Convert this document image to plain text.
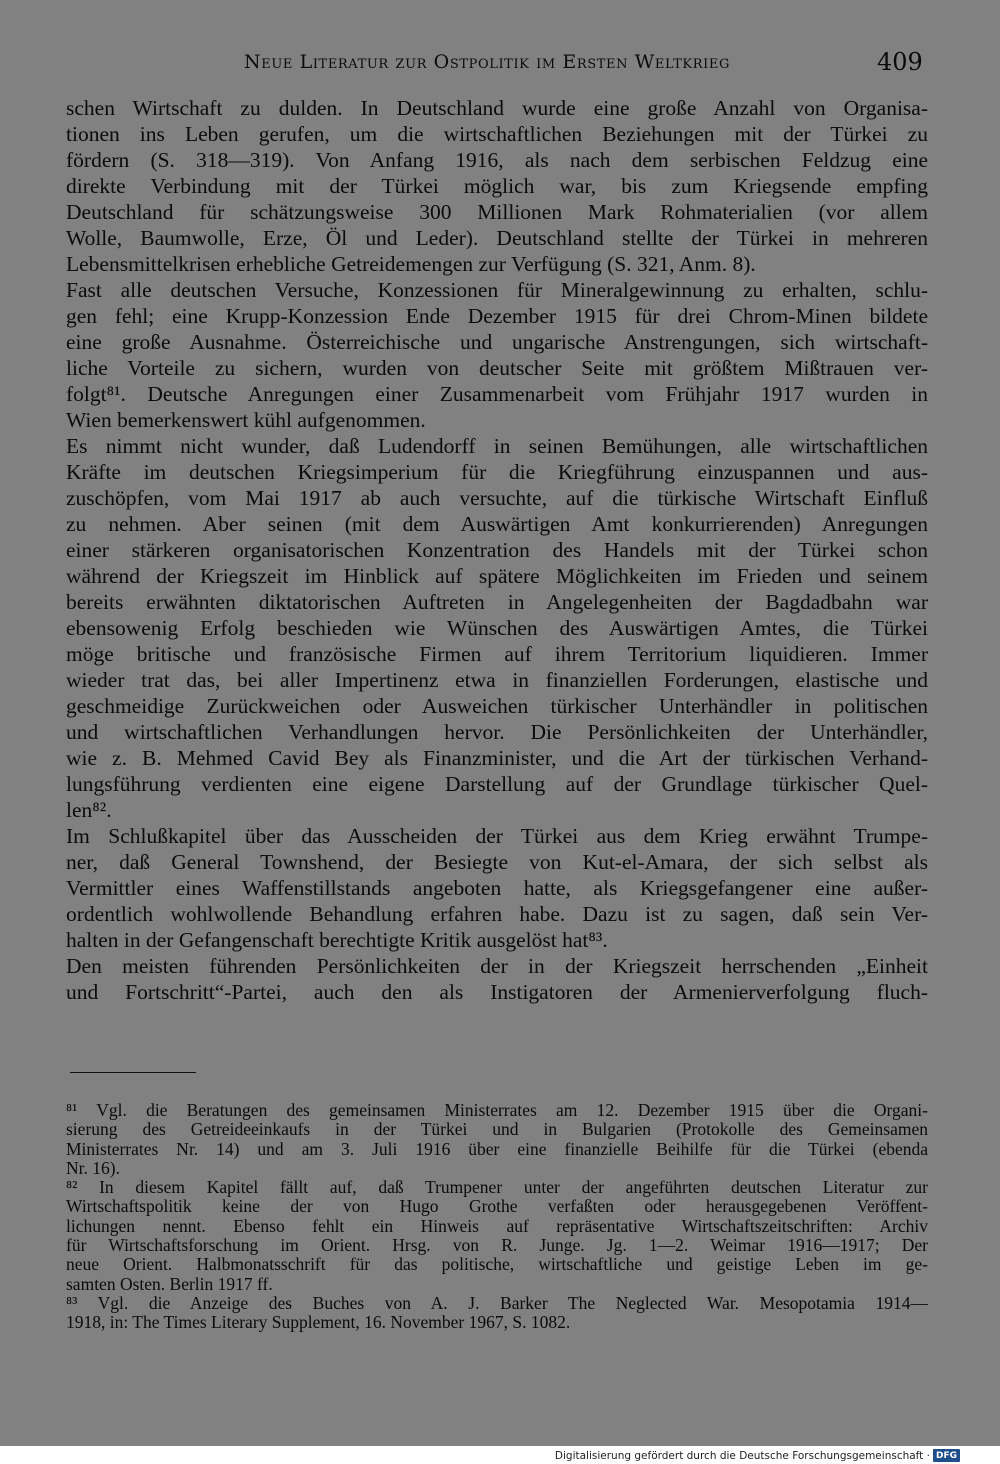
Neue Literatur zur Ostpolitik im Ersten Weltkrieg	409
schen Wirtschaft zu dulden. In Deutschland wurde eine große Anzahl von Organisa-
tionen ins Leben gerufen, um die wirtschaftlichen Beziehungen mit der Türkei zu
fördern (S. 318—319). Von Anfang 1916, als nach dem serbischen Feldzug eine
direkte Verbindung mit der Türkei möglich war, bis zum Kriegsende empfing
Deutschland für schätzungsweise 300 Millionen Mark Rohmaterialien (vor allem
Wolle, Baumwolle, Erze, Öl und Leder). Deutschland stellte der Türkei in mehreren
Lebensmittelkrisen erhebliche Getreidemengen zur Verfügung (S. 321, Anm. 8).
Fast alle deutschen Versuche, Konzessionen für Mineralgewinnung zu erhalten, schlu-
gen fehl; eine Krupp-Konzession Ende Dezember 1915 für drei Chrom-Minen bildete
eine große Ausnahme. Österreichische und ungarische Anstrengungen, sich wirtschaft-
liche Vorteile zu sichern, wurden von deutscher Seite mit größtem Mißtrauen ver-
folgt⁸¹. Deutsche Anregungen einer Zusammenarbeit vom Frühjahr 1917 wurden in
Wien bemerkenswert kühl aufgenommen.
Es nimmt nicht wunder, daß Ludendorff in seinen Bemühungen, alle wirtschaftlichen
Kräfte im deutschen Kriegsimperium für die Kriegführung einzuspannen und aus-
zuschöpfen, vom Mai 1917 ab auch versuchte, auf die türkische Wirtschaft Einfluß
zu nehmen. Aber seinen (mit dem Auswärtigen Amt konkurrierenden) Anregungen
einer stärkeren organisatorischen Konzentration des Handels mit der Türkei schon
während der Kriegszeit im Hinblick auf spätere Möglichkeiten im Frieden und seinem
bereits erwähnten diktatorischen Auftreten in Angelegenheiten der Bagdadbahn war
ebensowenig Erfolg beschieden wie Wünschen des Auswärtigen Amtes, die Türkei
möge britische und französische Firmen auf ihrem Territorium liquidieren. Immer
wieder trat das, bei aller Impertinenz etwa in finanziellen Forderungen, elastische und
geschmeidige Zurückweichen oder Ausweichen türkischer Unterhändler in politischen
und wirtschaftlichen Verhandlungen hervor. Die Persönlichkeiten der Unterhändler,
wie z. B. Mehmed Cavid Bey als Finanzminister, und die Art der türkischen Verhand-
lungsführung verdienten eine eigene Darstellung auf der Grundlage türkischer Quel-
len⁸².
Im Schlußkapitel über das Ausscheiden der Türkei aus dem Krieg erwähnt Trumpe-
ner, daß General Townshend, der Besiegte von Kut-el-Amara, der sich selbst als
Vermittler eines Waffenstillstands angeboten hatte, als Kriegsgefangener eine außer-
ordentlich wohlwollende Behandlung erfahren habe. Dazu ist zu sagen, daß sein Ver-
halten in der Gefangenschaft berechtigte Kritik ausgelöst hat⁸³.
Den meisten führenden Persönlichkeiten der in der Kriegszeit herrschenden „Einheit
und Fortschritt“-Partei, auch den als Instigatoren der Armenierverfolgung fluch-
⁸¹ Vgl. die Beratungen des gemeinsamen Ministerrates am 12. Dezember 1915 über die Organi-
sierung des Getreideeinkaufs in der Türkei und in Bulgarien (Protokolle des Gemeinsamen
Ministerrates Nr. 14) und am 3. Juli 1916 über eine finanzielle Beihilfe für die Türkei (ebenda
Nr. 16).
⁸² In diesem Kapitel fällt auf, daß Trumpener unter der angeführten deutschen Literatur zur
Wirtschaftspolitik keine der von Hugo Grothe verfaßten oder herausgegebenen Veröffent-
lichungen nennt. Ebenso fehlt ein Hinweis auf repräsentative Wirtschaftszeitschriften: Archiv
für Wirtschaftsforschung im Orient. Hrsg. von R. Junge. Jg. 1—2. Weimar 1916—1917; Der
neue Orient. Halbmonatsschrift für das politische, wirtschaftliche und geistige Leben im ge-
samten Osten. Berlin 1917 ff.
⁸³ Vgl. die Anzeige des Buches von A. J. Barker The Neglected War. Mesopotamia 1914—
1918, in: The Times Literary Supplement, 16. November 1967, S. 1082.
Digitalisierung gefördert durch die Deutsche Forschungsgemeinschaft · DFG
